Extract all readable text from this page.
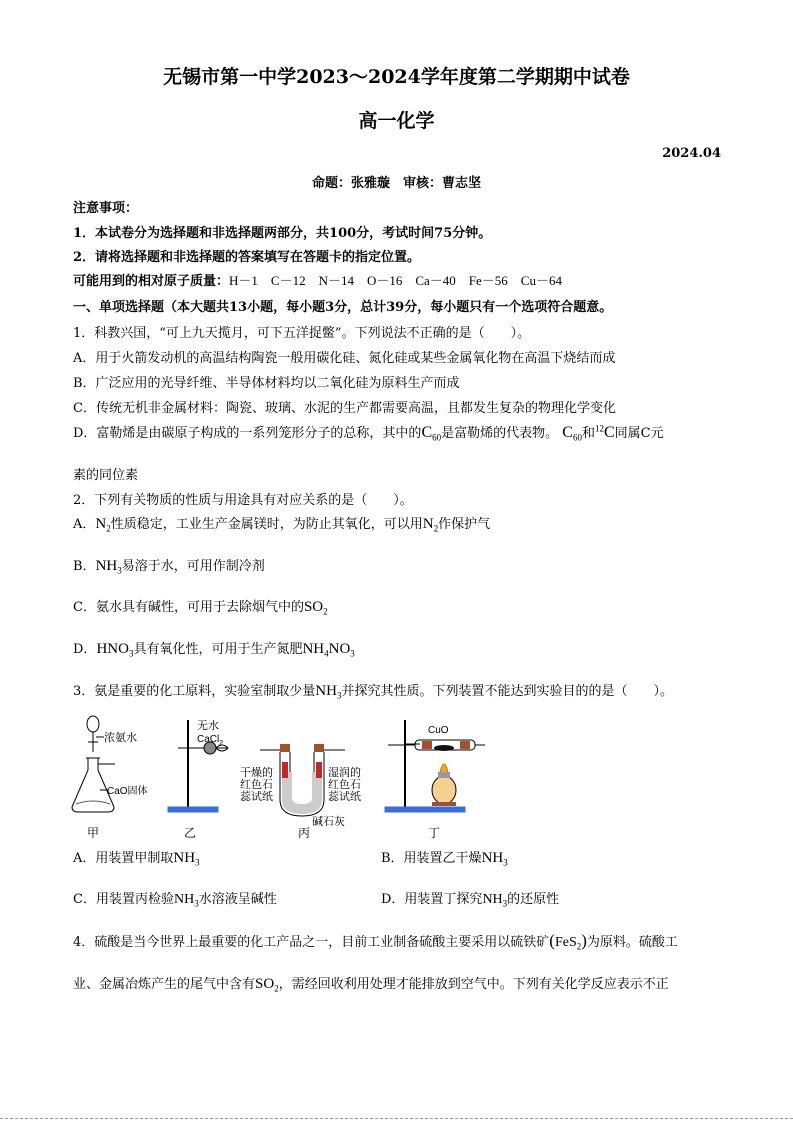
无锡市第一中学2023～2024学年度第二学期期中试卷
高一化学
2024.04
命题：张雅璇　审核：曹志坚
注意事项：
1．本试卷分为选择题和非选择题两部分，共100分，考试时间75分钟。
2．请将选择题和非选择题的答案填写在答题卡的指定位置。
可能用到的相对原子质量：H－1　C－12　N－14　O－16　Ca－40　Fe－56　Cu－64
一、单项选择题（本大题共13小题，每小题3分，总计39分，每小题只有一个选项符合题意。
1．科教兴国，“可上九天揽月，可下五洋捉鳖”。下列说法不正确的是（　　）。
A．用于火箭发动机的高温结构陶瓷一般用碳化硅、氮化硅或某些金属氧化物在高温下烧结而成
B．广泛应用的光导纤维、半导体材料均以二氧化硅为原料生产而成
C．传统无机非金属材料：陶瓷、玻璃、水泥的生产都需要高温，且都发生复杂的物理化学变化
D．富勒烯是由碳原子构成的一系列笼形分子的总称，其中的$C_{60}$是富勒烯的代表物。 $C_{60}$和$^{12}$C同属C元
素的同位素
2．下列有关物质的性质与用途具有对应关系的是（　　）。
A．$N_2$性质稳定，工业生产金属镁时，为防止其氧化，可以用$N_2$作保护气
B．$NH_3$易溶于水，可用作制冷剂
C．氨水具有碱性，可用于去除烟气中的$SO_2$
D．$HNO_3$具有氧化性，可用于生产氮肥$NH_4NO_3$
3．氨是重要的化工原料，实验室制取少量$NH_3$并探究其性质。下列装置不能达到实验目的的是（　　）。
浓氨水
CaO固体
无水
CaCl$_2$
干燥的
红色石
蕊试纸
湿润的
红色石
蕊试纸
碱石灰
CuO
甲	乙	丙	丁
A．用装置甲制取$NH_3$	B．用装置乙干燥$NH_3$
C．用装置丙检验$NH_3$水溶液呈碱性	D．用装置丁探究$NH_3$的还原性
4．硫酸是当今世界上最重要的化工产品之一，目前工业制备硫酸主要采用以硫铁矿(FeS$_2$)为原料。硫酸工
业、金属冶炼产生的尾气中含有$SO_2$，需经回收利用处理才能排放到空气中。下列有关化学反应表示不正
